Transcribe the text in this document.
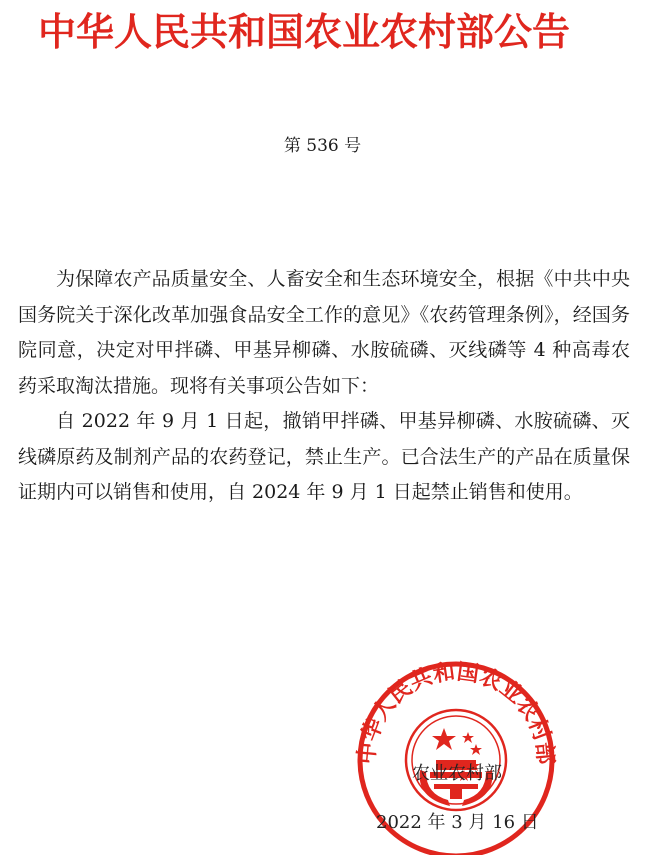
中华人民共和国农业农村部公告
第 536 号

为保障农产品质量安全、人畜安全和生态环境安全，根据《中共中央 国务院关于深化改革加强食品安全工作的意见》《农药管理条例》，经国务院同意，决定对甲拌磷、甲基异柳磷、水胺硫磷、灭线磷等 4 种高毒农药采取淘汰措施。现将有关事项公告如下：

自 2022 年 9 月 1 日起，撤销甲拌磷、甲基异柳磷、水胺硫磷、灭线磷原药及制剂产品的农药登记，禁止生产。已合法生产的产品在质量保证期内可以销售和使用，自 2024 年 9 月 1 日起禁止销售和使用。

中华人民共和国农业农村部
农业农村部
2022 年 3 月 16 日
